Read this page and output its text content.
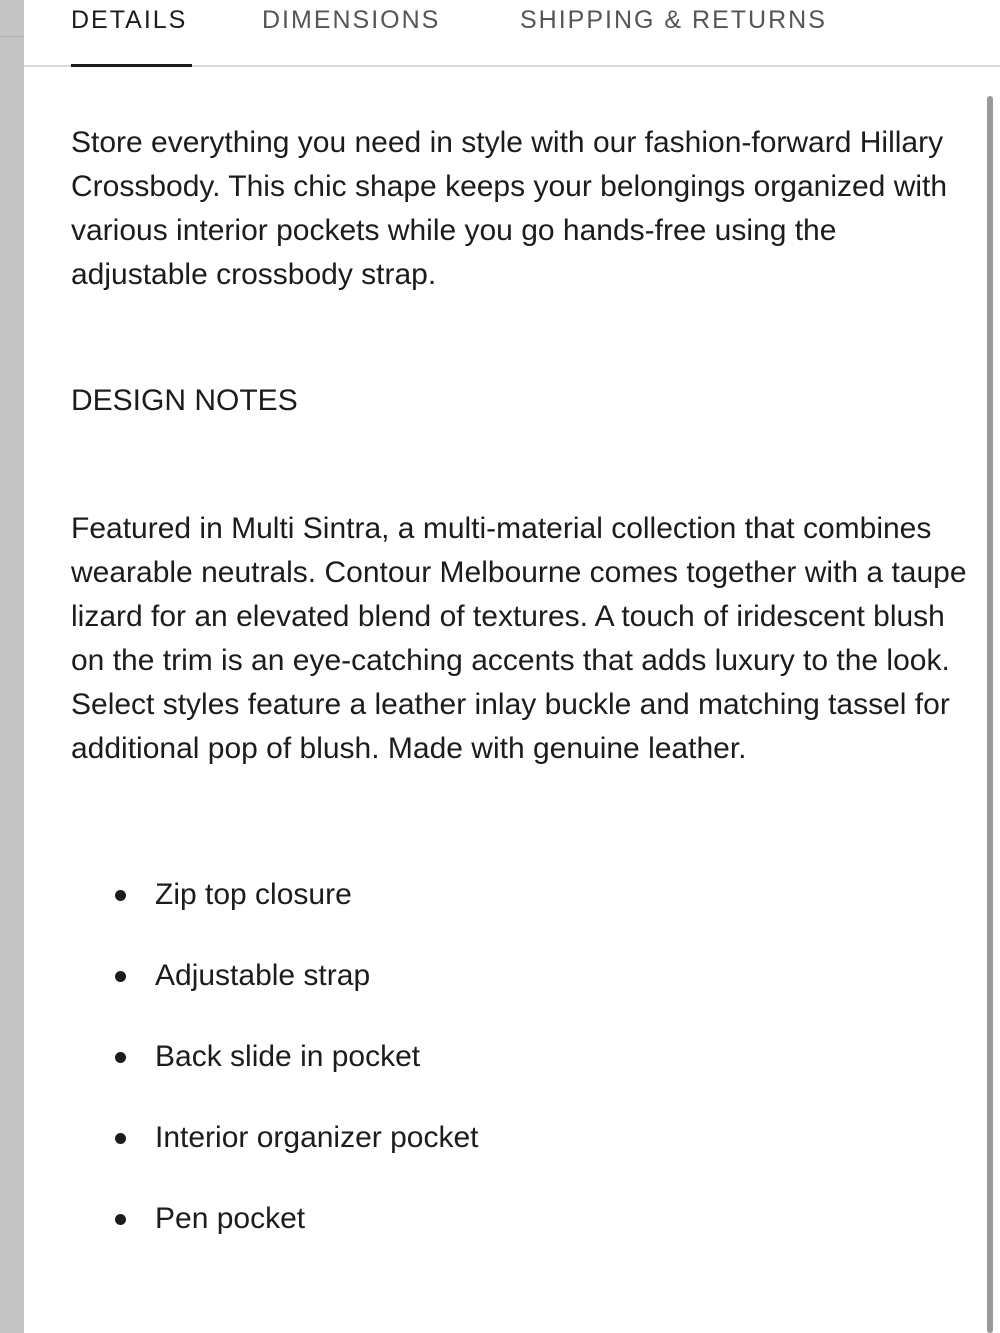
DETAILS	DIMENSIONS	SHIPPING & RETURNS

Store everything you need in style with our fashion-forward Hillary Crossbody. This chic shape keeps your belongings organized with various interior pockets while you go hands-free using the adjustable crossbody strap.

DESIGN NOTES

Featured in Multi Sintra, a multi-material collection that combines wearable neutrals. Contour Melbourne comes together with a taupe lizard for an elevated blend of textures. A touch of iridescent blush on the trim is an eye-catching accents that adds luxury to the look. Select styles feature a leather inlay buckle and matching tassel for additional pop of blush. Made with genuine leather.

Zip top closure
Adjustable strap
Back slide in pocket
Interior organizer pocket
Pen pocket
